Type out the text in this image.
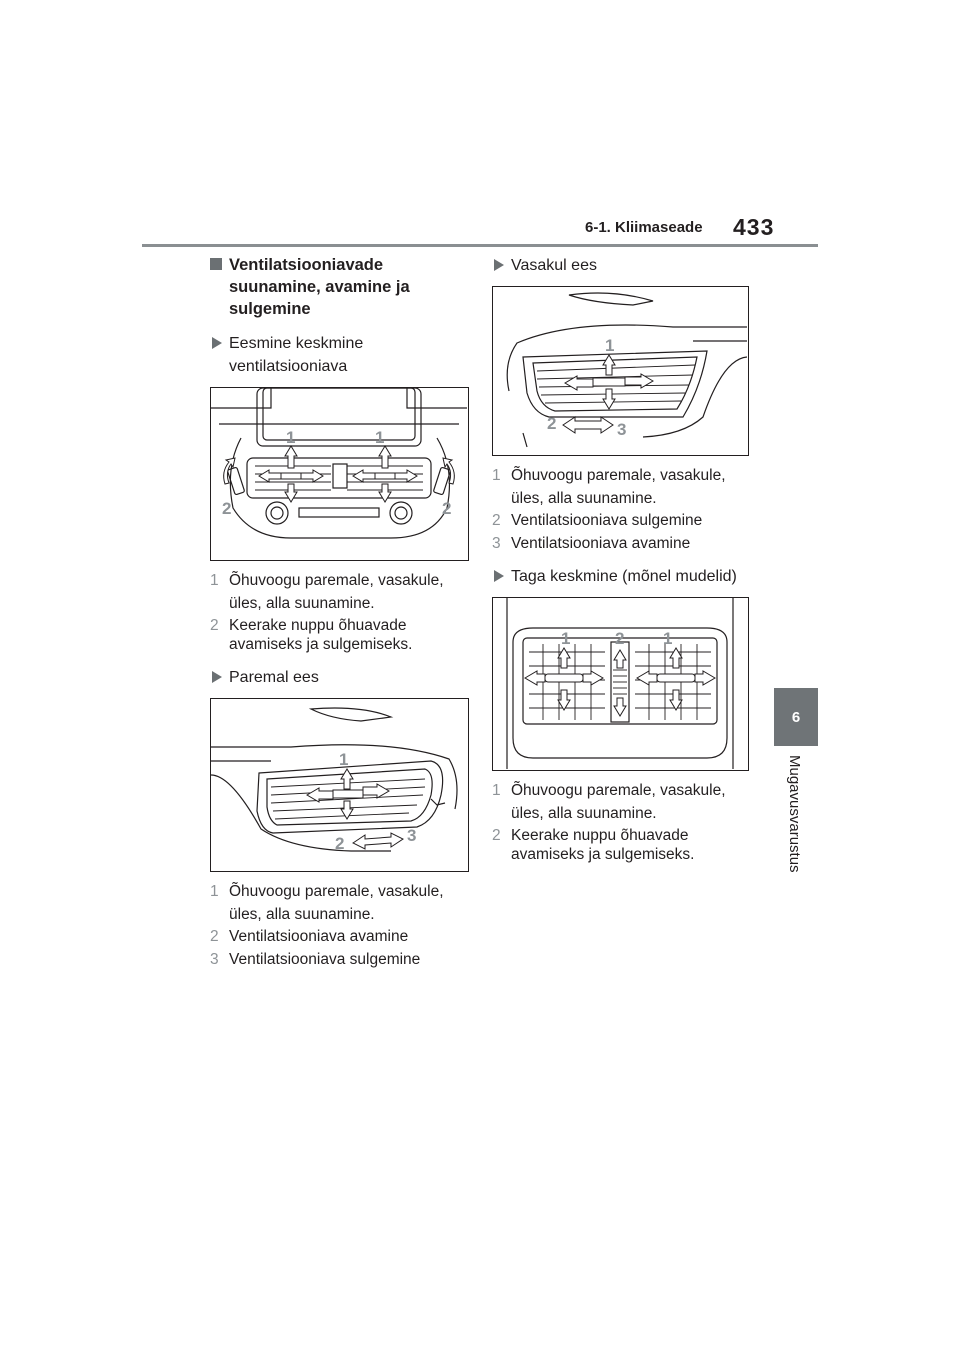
6-1. Kliimaseade 433
6
Mugavusvarustus
Ventilatsiooniavade suunamine, avamine ja sulgemine
Eesmine keskmine ventilatsiooniava
1	1
2	2
1 Õhuvoogu paremale, vasakule, üles, alla suunamine.
2 Keerake nuppu õhuavade avamiseks ja sulgemiseks.
Paremal ees
1
2	3
1 Õhuvoogu paremale, vasakule, üles, alla suunamine.
2 Ventilatsiooniava avamine
3 Ventilatsiooniava sulgemine
Vasakul ees
1
2	3
1 Õhuvoogu paremale, vasakule, üles, alla suunamine.
2 Ventilatsiooniava sulgemine
3 Ventilatsiooniava avamine
Taga keskmine (mõnel mudelid)
1	2 1
1 Õhuvoogu paremale, vasakule, üles, alla suunamine.
2 Keerake nuppu õhuavade avamiseks ja sulgemiseks.
